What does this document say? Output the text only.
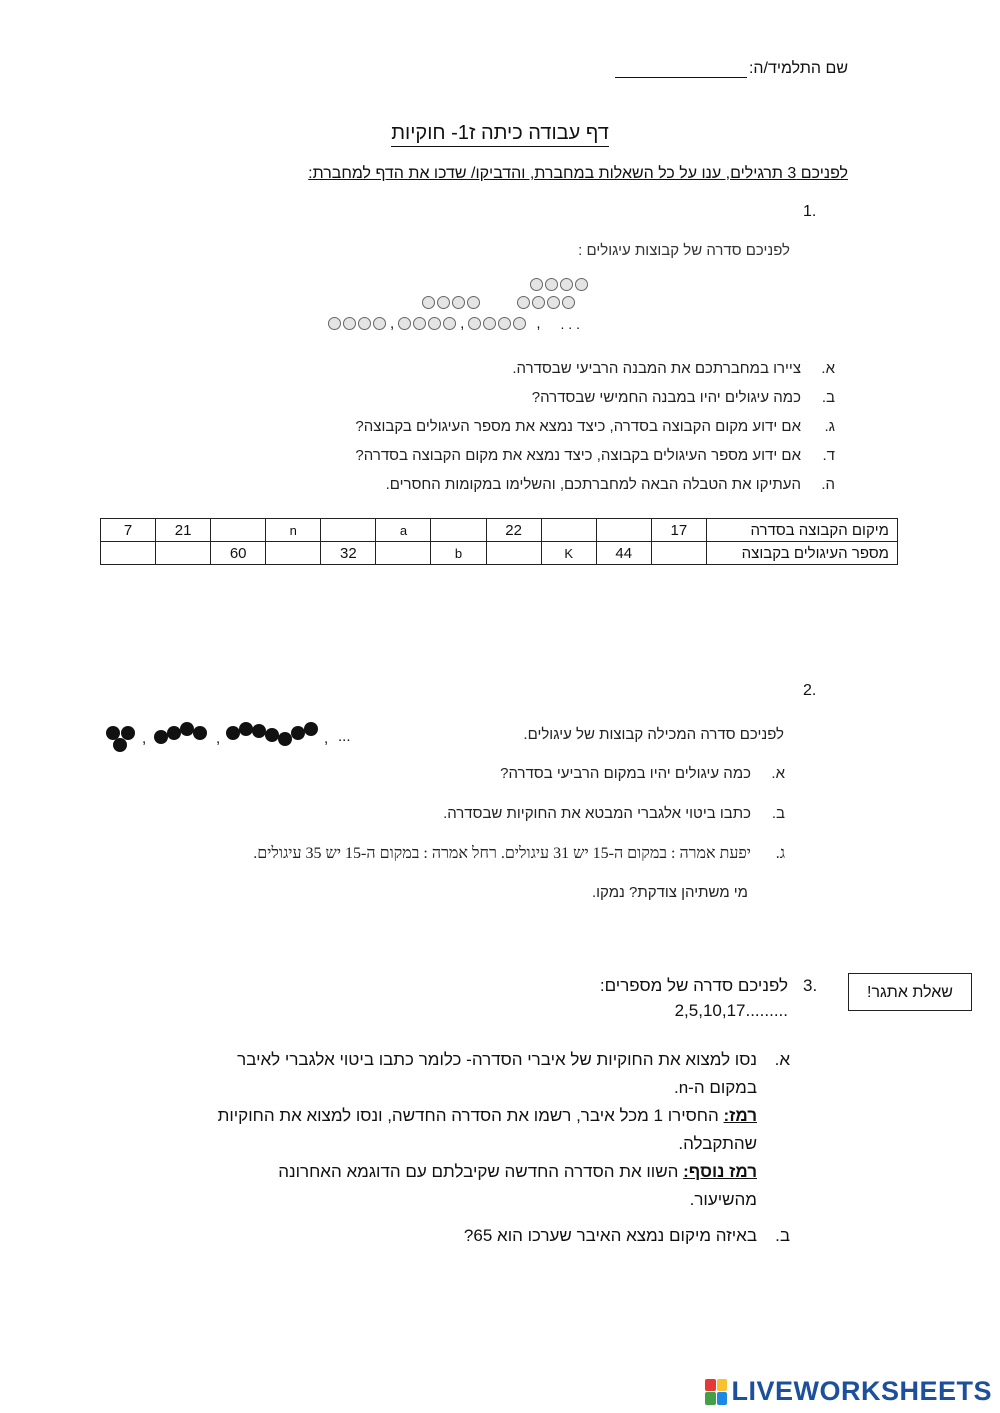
שם התלמיד/ה:
דף עבודה כיתה ז1- חוקיות
לפניכם 3 תרגילים, ענו על כל השאלות במחברת, והדביקו/ שדכו את הדף למחברת:
1.
לפניכם סדרה של קבוצות עיגולים :
,	,	, . . .
א.ציירו במחברתכם את המבנה הרביעי שבסדרה.
ב.כמה עיגולים יהיו במבנה החמישי שבסדרה?
ג.אם ידוע מקום הקבוצה בסדרה, כיצד נמצא את מספר העיגולים בקבוצה?
ד.אם ידוע מספר העיגולים בקבוצה, כיצד נמצא את מקום הקבוצה בסדרה?
ה.העתיקו את הטבלה הבאה למחברתכם, והשלימו במקומות החסרים.
7	21		n		a		22			17	מיקום הקבוצה בסדרה
		60		32		b		K	44		מספר העיגולים בקבוצה
2.
לפניכם סדרה המכילה קבוצות של עיגולים.
,	,	, ...
א.כמה עיגולים יהיו במקום הרביעי בסדרה?
ב.כתבו ביטוי אלגברי המבטא את החוקיות שבסדרה.
ג.יפעת אמרה : במקום ה-15 יש 31 עיגולים. רחל אמרה : במקום ה-15 יש 35 עיגולים.
מי משתיהן צודקת? נמקו.
שאלת אתגר!
3.
לפניכם סדרה של מספרים:
2,5,10,17.........
א.נסו למצוא את החוקיות של איברי הסדרה- כלומר כתבו ביטוי אלגברי לאיבר
במקום ה-n.
רמז: החסירו 1 מכל איבר, רשמו את הסדרה החדשה, ונסו למצוא את החוקיות
שהתקבלה.
רמז נוסף: השוו את הסדרה החדשה שקיבלתם עם הדוגמא האחרונה
מהשיעור.
ב.באיזה מיקום נמצא האיבר שערכו הוא 65?
LIVEWORKSHEETS
